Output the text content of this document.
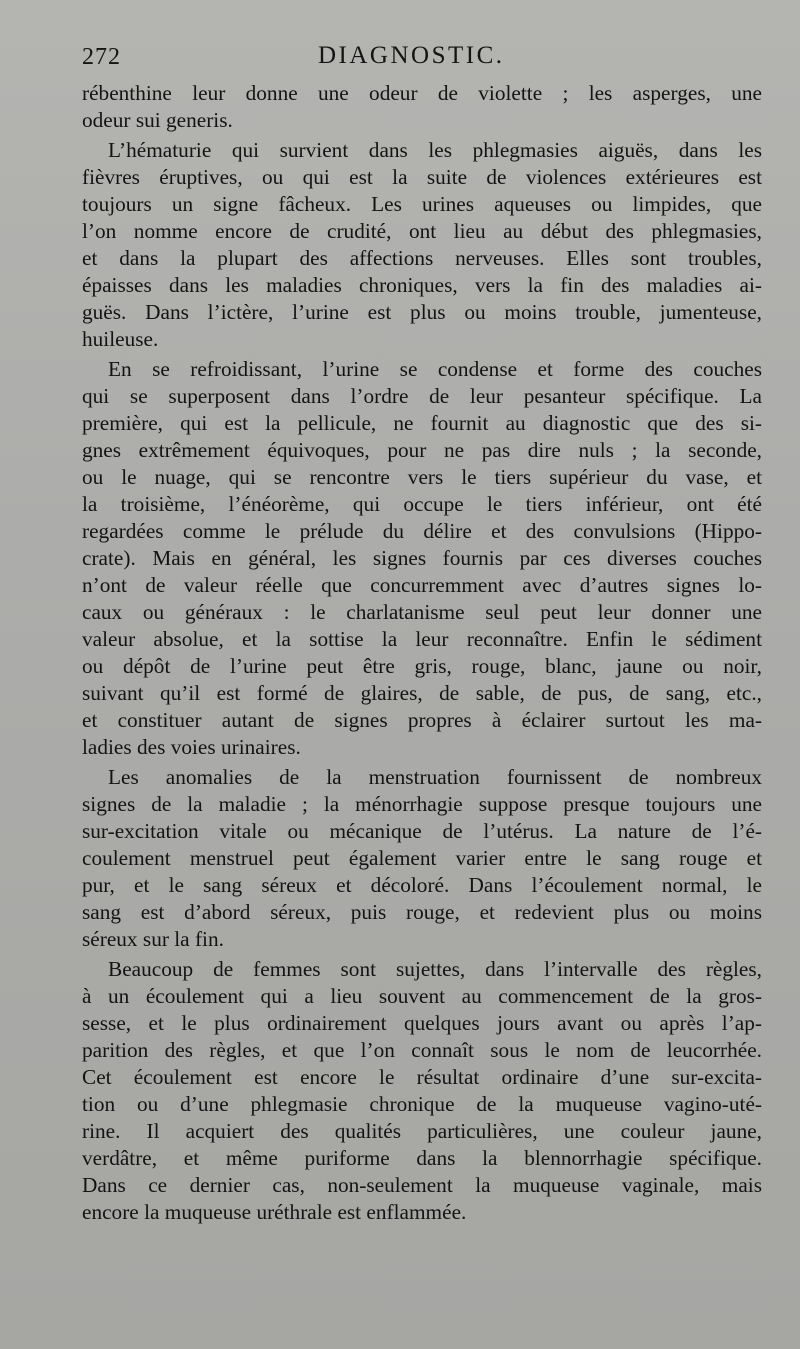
272	DIAGNOSTIC.
rébenthine leur donne une odeur de violette ; les asperges, une
odeur sui generis.
L’hématurie qui survient dans les phlegmasies aiguës, dans les
fièvres éruptives, ou qui est la suite de violences extérieures est
toujours un signe fâcheux. Les urines aqueuses ou limpides, que
l’on nomme encore de crudité, ont lieu au début des phlegmasies,
et dans la plupart des affections nerveuses. Elles sont troubles,
épaisses dans les maladies chroniques, vers la fin des maladies ai-
guës. Dans l’ictère, l’urine est plus ou moins trouble, jumenteuse,
huileuse.
En se refroidissant, l’urine se condense et forme des couches
qui se superposent dans l’ordre de leur pesanteur spécifique. La
première, qui est la pellicule, ne fournit au diagnostic que des si-
gnes extrêmement équivoques, pour ne pas dire nuls ; la seconde,
ou le nuage, qui se rencontre vers le tiers supérieur du vase, et
la troisième, l’énéorème, qui occupe le tiers inférieur, ont été
regardées comme le prélude du délire et des convulsions (Hippo-
crate). Mais en général, les signes fournis par ces diverses couches
n’ont de valeur réelle que concurremment avec d’autres signes lo-
caux ou généraux : le charlatanisme seul peut leur donner une
valeur absolue, et la sottise la leur reconnaître. Enfin le sédiment
ou dépôt de l’urine peut être gris, rouge, blanc, jaune ou noir,
suivant qu’il est formé de glaires, de sable, de pus, de sang, etc.,
et constituer autant de signes propres à éclairer surtout les ma-
ladies des voies urinaires.
Les anomalies de la menstruation fournissent de nombreux
signes de la maladie ; la ménorrhagie suppose presque toujours une
sur-excitation vitale ou mécanique de l’utérus. La nature de l’é-
coulement menstruel peut également varier entre le sang rouge et
pur, et le sang séreux et décoloré. Dans l’écoulement normal, le
sang est d’abord séreux, puis rouge, et redevient plus ou moins
séreux sur la fin.
Beaucoup de femmes sont sujettes, dans l’intervalle des règles,
à un écoulement qui a lieu souvent au commencement de la gros-
sesse, et le plus ordinairement quelques jours avant ou après l’ap-
parition des règles, et que l’on connaît sous le nom de leucorrhée.
Cet écoulement est encore le résultat ordinaire d’une sur-excita-
tion ou d’une phlegmasie chronique de la muqueuse vagino-uté-
rine. Il acquiert des qualités particulières, une couleur jaune,
verdâtre, et même puriforme dans la blennorrhagie spécifique.
Dans ce dernier cas, non-seulement la muqueuse vaginale, mais
encore la muqueuse uréthrale est enflammée.
